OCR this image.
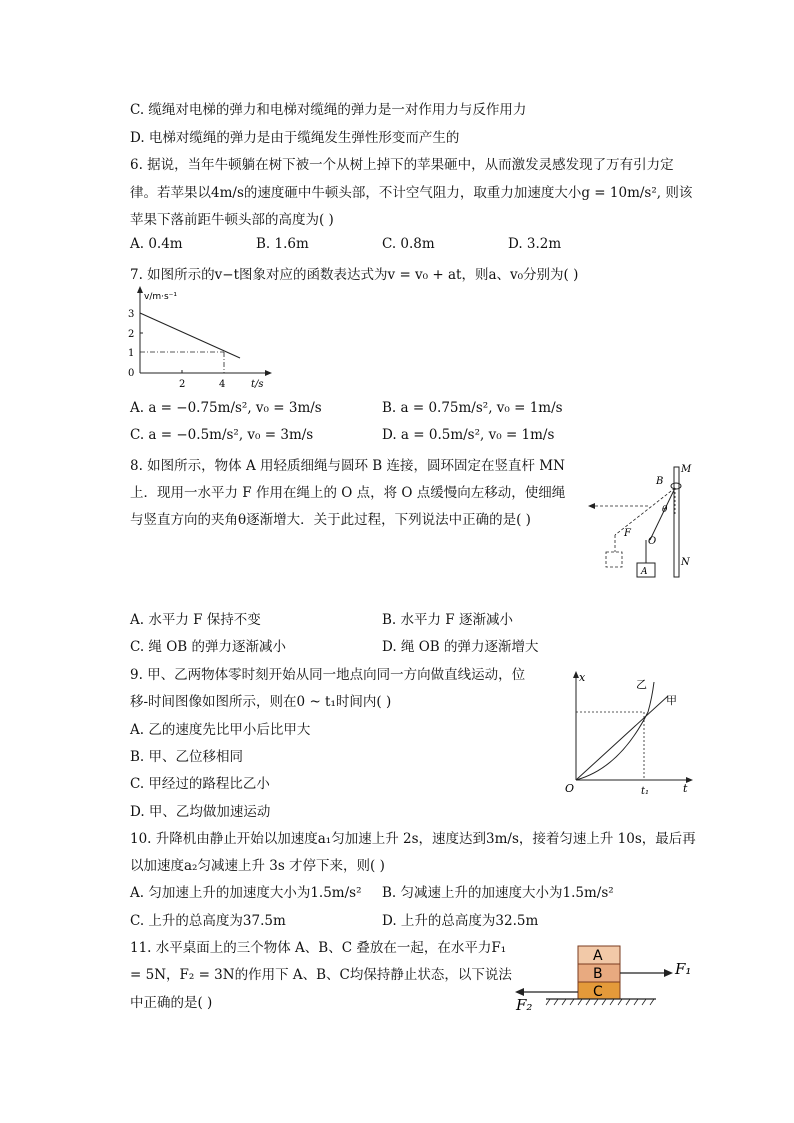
C. 缆绳对电梯的弹力和电梯对缆绳的弹力是一对作用力与反作用力
D. 电梯对缆绳的弹力是由于缆绳发生弹性形变而产生的
6. 据说，当年牛顿躺在树下被一个从树上掉下的苹果砸中，从而激发灵感发现了万有引力定
律。若苹果以4m/s的速度砸中牛顿头部，不计空气阻力，取重力加速度大小g = 10m/s², 则该
苹果下落前距牛顿头部的高度为( )
A. 0.4m	B. 1.6m	C. 0.8m	D. 3.2m
7. 如图所示的v−t图象对应的函数表达式为v = v₀ + at，则a、v₀分别为( )
v/m·s⁻¹
t/s
3
2
1
0
2	4
A. a = −0.75m/s², v₀ = 3m/s	B. a = 0.75m/s², v₀ = 1m/s
C. a = −0.5m/s², v₀ = 3m/s	D. a = 0.5m/s², v₀ = 1m/s
8. 如图所示，物体 A 用轻质细绳与圆环 B 连接，圆环固定在竖直杆 MN
上．现用一水平力 F 作用在绳上的 O 点，将 O 点缓慢向左移动，使细绳
与竖直方向的夹角θ逐渐增大．关于此过程，下列说法中正确的是( )
M
N
B
θ
F
O
A
A. 水平力 F 保持不变	B. 水平力 F 逐渐减小
C. 绳 OB 的弹力逐渐减小	D. 绳 OB 的弹力逐渐增大
9. 甲、乙两物体零时刻开始从同一地点向同一方向做直线运动，位
移-时间图像如图所示，则在0 ~ t₁时间内( )
A. 乙的速度先比甲小后比甲大
B. 甲、乙位移相同
C. 甲经过的路程比乙小
D. 甲、乙均做加速运动
x
t
O	t₁
甲
乙
10. 升降机由静止开始以加速度a₁匀加速上升 2s，速度达到3m/s，接着匀速上升 10s，最后再
以加速度a₂匀减速上升 3s 才停下来，则( )
A. 匀加速上升的加速度大小为1.5m/s² B. 匀减速上升的加速度大小为1.5m/s²
C. 上升的总高度为37.5m	D. 上升的总高度为32.5m
11. 水平桌面上的三个物体 A、B、C 叠放在一起，在水平力F₁
= 5N，F₂ = 3N的作用下 A、B、C均保持静止状态，以下说法
中正确的是( )
A
B
C
F₁
F₂
